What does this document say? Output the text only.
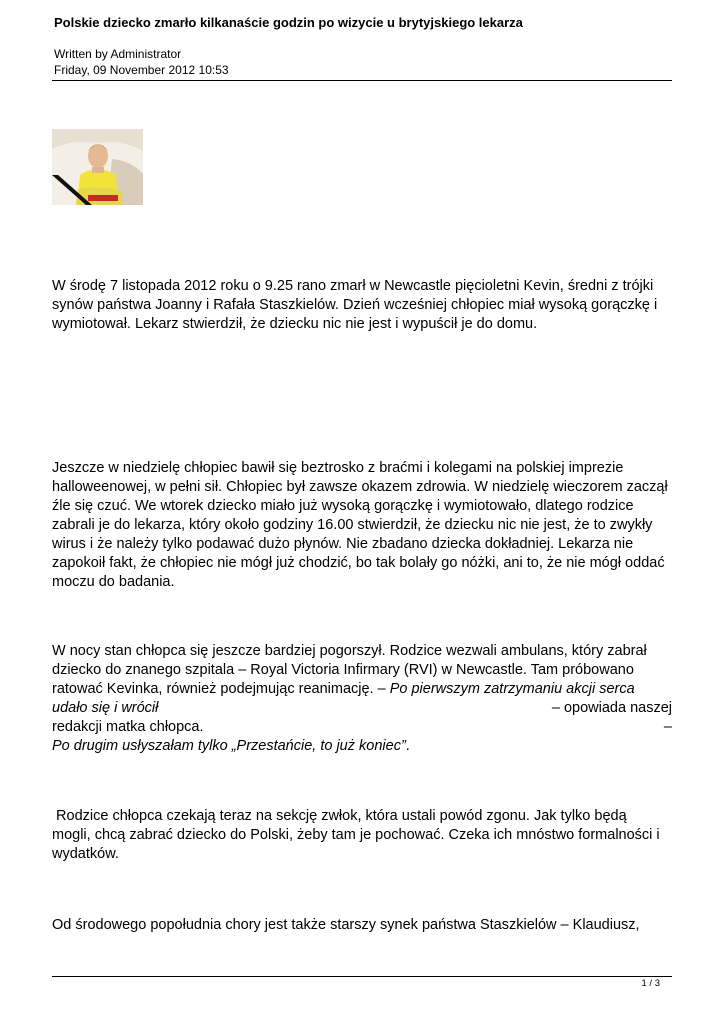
Polskie dziecko zmarło kilkanaście godzin po wizycie u brytyjskiego lekarza
Written by Administrator
Friday, 09 November 2012 10:53

W środę 7 listopada 2012 roku o 9.25 rano zmarł w Newcastle pięcioletni Kevin, średni z trójki
synów państwa Joanny i Rafała Staszkielów. Dzień wcześniej chłopiec miał wysoką gorączkę i
wymiotował. Lekarz stwierdził, że dziecku nic nie jest i wypuścił je do domu.

Jeszcze w niedzielę chłopiec bawił się beztrosko z braćmi i kolegami na polskiej imprezie
halloweenowej, w pełni sił. Chłopiec był zawsze okazem zdrowia. W niedzielę wieczorem zaczął
źle się czuć. We wtorek dziecko miało już wysoką gorączkę i wymiotowało, dlatego rodzice
zabrali je do lekarza, który około godziny 16.00 stwierdził, że dziecku nic nie jest, że to zwykły
wirus i że należy tylko podawać dużo płynów. Nie zbadano dziecka dokładniej. Lekarza nie
zapokoił fakt, że chłopiec nie mógł już chodzić, bo tak bolały go nóżki, ani to, że nie mógł oddać
moczu do badania.

W nocy stan chłopca się jeszcze bardziej pogorszył. Rodzice wezwali ambulans, który zabrał
dziecko do znanego szpitala – Royal Victoria Infirmary (RVI) w Newcastle. Tam próbowano
ratować Kevinka, również podejmując reanimację. – Po pierwszym zatrzymaniu akcji serca
udało się i wrócił	– opowiada naszej
redakcji matka chłopca.	–
Po drugim usłyszałam tylko „Przestańcie, to już koniec”.

Rodzice chłopca czekają teraz na sekcję zwłok, która ustali powód zgonu. Jak tylko będą
mogli, chcą zabrać dziecko do Polski, żeby tam je pochować. Czeka ich mnóstwo formalności i
wydatków.

Od środowego popołudnia chory jest także starszy synek państwa Staszkielów – Klaudiusz,

1 / 3
